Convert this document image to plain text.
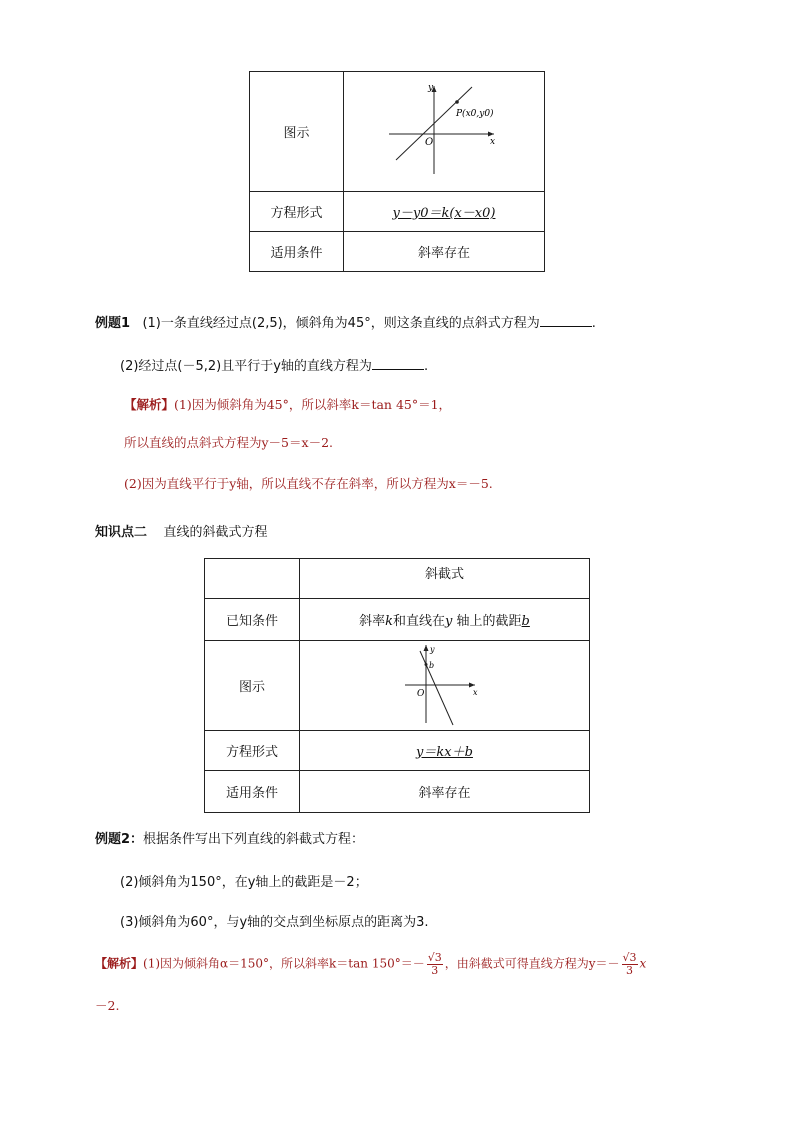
图示	y
x
O
P(x0,y0)

方程形式	y－y0＝k(x－x0)
适用条件	斜率存在
例题1 (1)一条直线经过点(2,5)，倾斜角为45°，则这条直线的点斜式方程为	.
(2)经过点(－5,2)且平行于y轴的直线方程为	.
【解析】(1)因为倾斜角为45°，所以斜率k＝tan 45°＝1，
所以直线的点斜式方程为y－5＝x－2.
(2)因为直线平行于y轴，所以直线不存在斜率，所以方程为x＝－5.
知识点二 直线的斜截式方程
	斜截式
已知条件	斜率k和直线在y 轴上的截距b
图示	y
x
O
b

方程形式	y＝kx＋b
适用条件	斜率存在
例题2：根据条件写出下列直线的斜截式方程：
(2)倾斜角为150°，在y轴上的截距是－2；
(3)倾斜角为60°，与y轴的交点到坐标原点的距离为3.
【解析】(1)因为倾斜角α＝150°，所以斜率k＝tan $150^\circ=- \frac{√3}{3}$ ，由斜截式可得直线方程为$y=- \frac{√3}{3}$ x
－2.
